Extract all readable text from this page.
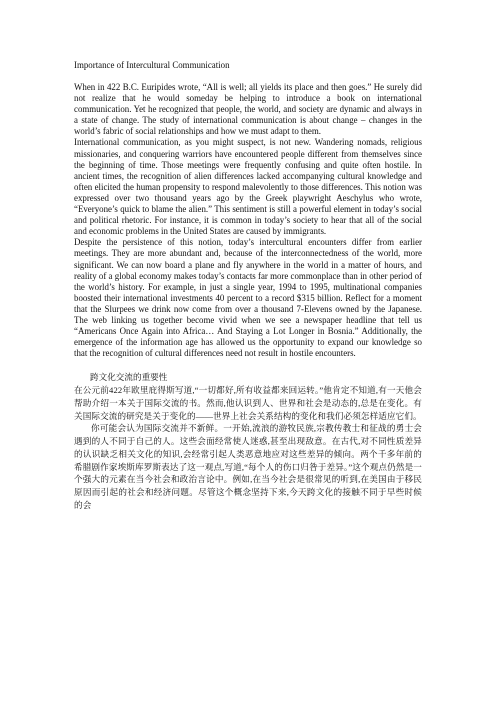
Importance of Intercultural Communication

When in 422 B.C. Euripides wrote, “All is well; all yields its place and then goes.” He surely did not realize that he would someday be helping to introduce a book on international communication. Yet he recognized that people, the world, and society are dynamic and always in a state of change. The study of international communication is about change – changes in the world’s fabric of social relationships and how we must adapt to them.

International communication, as you might suspect, is not new. Wandering nomads, religious missionaries, and conquering warriors have encountered people different from themselves since the beginning of time. Those meetings were frequently confusing and quite often hostile. In ancient times, the recognition of alien differences lacked accompanying cultural knowledge and often elicited the human propensity to respond malevolently to those differences. This notion was expressed over two thousand years ago by the Greek playwright Aeschylus who wrote, “Everyone’s quick to blame the alien.” This sentiment is still a powerful element in today’s social and political rhetoric. For instance, it is common in today’s society to hear that all of the social and economic problems in the United States are caused by immigrants.

Despite the persistence of this notion, today’s intercultural encounters differ from earlier meetings. They are more abundant and, because of the interconnectedness of the world, more significant. We can now board a plane and fly anywhere in the world in a matter of hours, and reality of a global economy makes today’s contacts far more commonplace than in other period of the world’s history. For example, in just a single year, 1994 to 1995, multinational companies boosted their international investments 40 percent to a record $315 billion. Reflect for a moment that the Slurpees we drink now come from over a thousand 7-Elevens owned by the Japanese. The web linking us together become vivid when we see a newspaper headline that tell us “Americans Once Again into Africa… And Staying a Lot Longer in Bosnia.” Additionally, the emergence of the information age has allowed us the opportunity to expand our knowledge so that the recognition of cultural differences need not result in hostile encounters.

跨文化交流的重要性

在公元前422年欧里庇得斯写道,“一切都好,所有收益都来回运转。”他肯定不知道,有一天他会帮助介绍一本关于国际交流的书。然而,他认识到人、世界和社会是动态的,总是在变化。有关国际交流的研究是关于变化的——世界上社会关系结构的变化和我们必须怎样适应它们。

你可能会认为国际交流并不新鲜。一开始,流浪的游牧民族,宗教传教士和征战的勇士会遇到的人不同于自己的人。这些会面经常使人迷惑,甚至出现敌意。在古代,对不同性质差异的认识缺乏相关文化的知识,会经常引起人类恶意地应对这些差异的倾向。两个千多年前的希腊剧作家埃斯库罗斯表达了这一观点,写道,“每个人的伤口归咎于差异。”这个观点仍然是一个强大的元素在当今社会和政治言论中。例如,在当今社会是很常见的听到,在美国由于移民原因而引起的社会和经济问题。尽管这个概念坚持下来,今天跨文化的接触不同于早些时候的会
